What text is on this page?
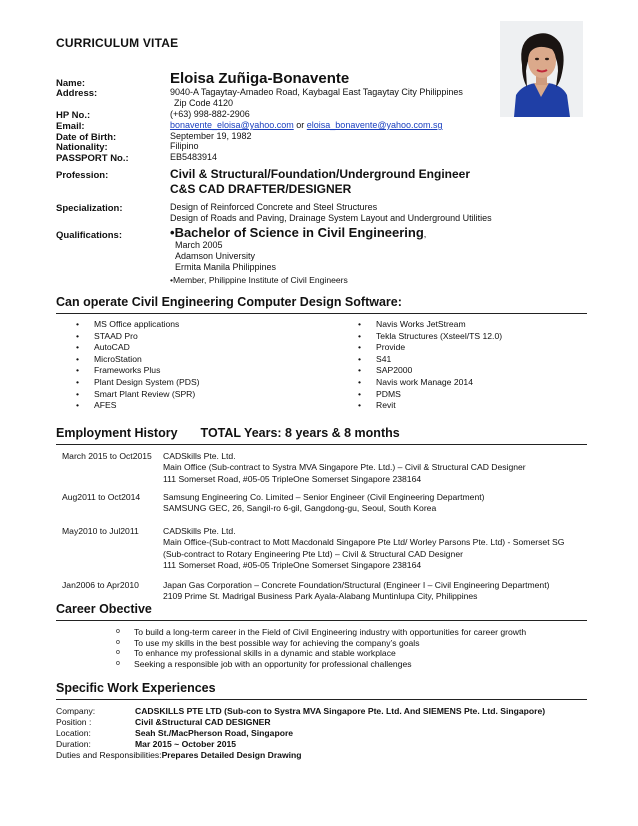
CURRICULUM VITAE
Name:	Eloisa Zuñiga-Bonavente
Address:	9040-A Tagaytay-Amadeo Road, Kaybagal East Tagaytay City Philippines
Zip Code 4120
HP No.:	(+63) 998-882-2906
Email:	bonavente_eloisa@yahoo.com or eloisa_bonavente@yahoo.com.sg
Date of Birth:	September 19, 1982
Nationality:	Filipino
PASSPORT No.:	EB5483914
Profession:	Civil & Structural/Foundation/Underground Engineer
C&S CAD DRAFTER/DESIGNER
Specialization:	Design of Reinforced Concrete and Steel Structures
Design of Roads and Paving, Drainage System Layout and Underground Utilities
Qualifications:	•Bachelor of Science in Civil Engineering,
March 2005
Adamson University
Ermita Manila Philippines
•Member, Philippine Institute of Civil Engineers
Can operate Civil Engineering Computer Design Software:
• MS Office applications
• STAAD Pro
• AutoCAD
• MicroStation
• Frameworks Plus
• Plant Design System (PDS)
• Smart Plant Review (SPR)
• AFES
• Navis Works JetStream
• Tekla Structures (Xsteel/TS 12.0)
• Provide
• S41
• SAP2000
• Navis work Manage 2014
• PDMS
• Revit
Employment History TOTAL Years: 8 years & 8 months
March 2015 to Oct2015 CADSkills Pte. Ltd.
Main Office (Sub-contract to Systra MVA Singapore Pte. Ltd.) – Civil & Structural CAD Designer
111 Somerset Road, #05-05 TripleOne Somerset Singapore 238164
Aug2011 to Oct2014	Samsung Engineering Co. Limited – Senior Engineer (Civil Engineering Department)
SAMSUNG GEC, 26, Sangil-ro 6-gil, Gangdong-gu, Seoul, South Korea
May2010 to Jul2011	CADSkills Pte. Ltd.
Main Office-(Sub-contract to Mott Macdonald Singapore Pte Ltd/ Worley Parsons Pte. Ltd) - Somerset SG
(Sub-contract to Rotary Engineering Pte Ltd) – Civil & Structural CAD Designer
111 Somerset Road, #05-05 TripleOne Somerset Singapore 238164
Jan2006 to Apr2010	Japan Gas Corporation – Concrete Foundation/Structural (Engineer I – Civil Engineering Department)
2109 Prime St. Madrigal Business Park Ayala-Alabang Muntinlupa City, Philippines
Career Obective
o To build a long-term career in the Field of Civil Engineering industry with opportunities for career growth
o To use my skills in the best possible way for achieving the company’s goals
o To enhance my professional skills in a dynamic and stable workplace
o Seeking a responsible job with an opportunity for professional challenges
Specific Work Experiences
Company:	CADSKILLS PTE LTD (Sub-con to Systra MVA Singapore Pte. Ltd. And SIEMENS Pte. Ltd. Singapore)
Position :	Civil &Structural CAD DESIGNER
Location:	Seah St./MacPherson Road, Singapore
Duration:	Mar 2015 ~ October 2015
Duties and Responsibilities:Prepares Detailed Design Drawing
